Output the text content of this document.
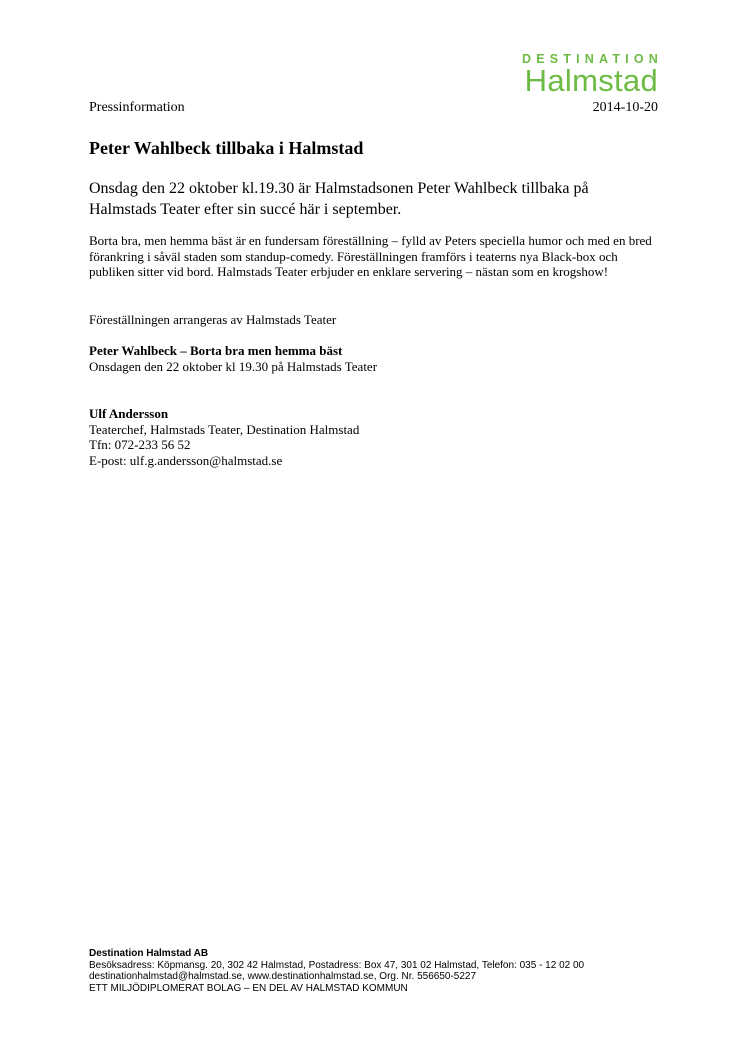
DESTINATION
Halmstad
Pressinformation	2014-10-20
Peter Wahlbeck tillbaka i Halmstad

Onsdag den 22 oktober kl.19.30 är Halmstadsonen Peter Wahlbeck tillbaka på Halmstads Teater efter sin succé här i september.

Borta bra, men hemma bäst är en fundersam föreställning – fylld av Peters speciella humor och med en bred förankring i såväl staden som standup-comedy. Föreställningen framförs i teaterns nya Black-box och publiken sitter vid bord. Halmstads Teater erbjuder en enklare servering – nästan som en krogshow!

Föreställningen arrangeras av Halmstads Teater

Peter Wahlbeck – Borta bra men hemma bäst
Onsdagen den 22 oktober kl 19.30 på Halmstads Teater
Ulf Andersson
Teaterchef, Halmstads Teater, Destination Halmstad
Tfn: 072-233 56 52
E-post: ulf.g.andersson@halmstad.se
Destination Halmstad AB
Besöksadress: Köpmansg. 20, 302 42 Halmstad, Postadress: Box 47, 301 02 Halmstad, Telefon: 035 - 12 02 00
destinationhalmstad@halmstad.se, www.destinationhalmstad.se, Org. Nr. 556650-5227
ETT MILJÖDIPLOMERAT BOLAG – EN DEL AV HALMSTAD KOMMUN
